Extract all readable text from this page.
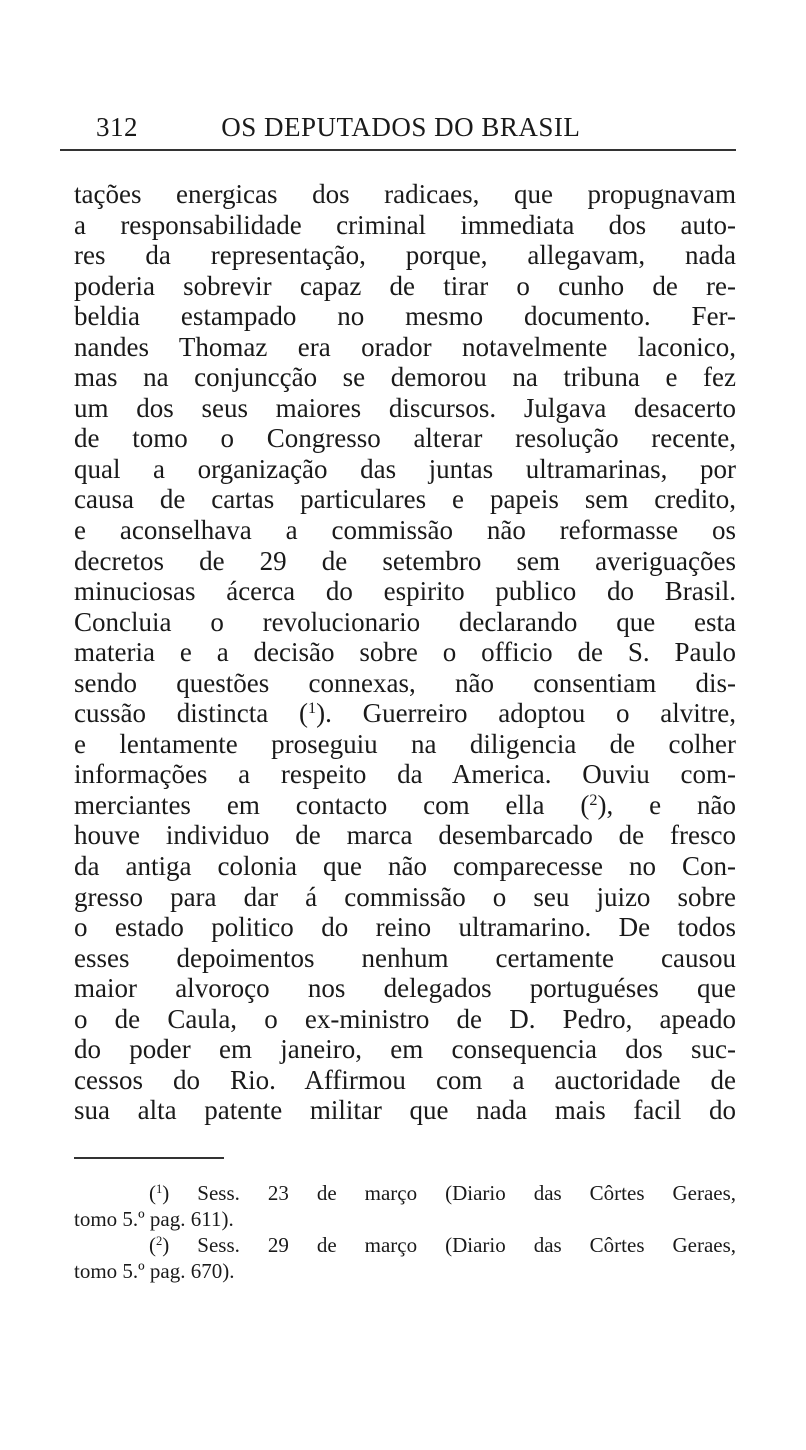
312	OS DEPUTADOS DO BRASIL
tações energicas dos radicaes, que propugnavam
a responsabilidade criminal immediata dos auto-
res da representação, porque, allegavam, nada
poderia sobrevir capaz de tirar o cunho de re-
beldia estampado no mesmo documento. Fer-
nandes Thomaz era orador notavelmente laconico,
mas na conjuncção se demorou na tribuna e fez
um dos seus maiores discursos. Julgava desacerto
de tomo o Congresso alterar resolução recente,
qual a organização das juntas ultramarinas, por
causa de cartas particulares e papeis sem credito,
e aconselhava a commissão não reformasse os
decretos de 29 de setembro sem averiguações
minuciosas ácerca do espirito publico do Brasil.
Concluia o revolucionario declarando que esta
materia e a decisão sobre o officio de S. Paulo
sendo questões connexas, não consentiam dis-
cussão distincta ($^1$). Guerreiro adoptou o alvitre,
e lentamente proseguiu na diligencia de colher
informações a respeito da America. Ouviu com-
merciantes em contacto com ella ($^2$), e não
houve individuo de marca desembarcado de fresco
da antiga colonia que não comparecesse no Con-
gresso para dar á commissão o seu juizo sobre
o estado politico do reino ultramarino. De todos
esses depoimentos nenhum certamente causou
maior alvoroço nos delegados portuguéses que
o de Caula, o ex-ministro de D. Pedro, apeado
do poder em janeiro, em consequencia dos suc-
cessos do Rio. Affirmou com a auctoridade de
sua alta patente militar que nada mais facil do
($^1$) Sess. 23 de março (Diario das Côrtes Geraes,
tomo 5.º pag. 611).
($^2$) Sess. 29 de março (Diario das Côrtes Geraes,
tomo 5.º pag. 670).
